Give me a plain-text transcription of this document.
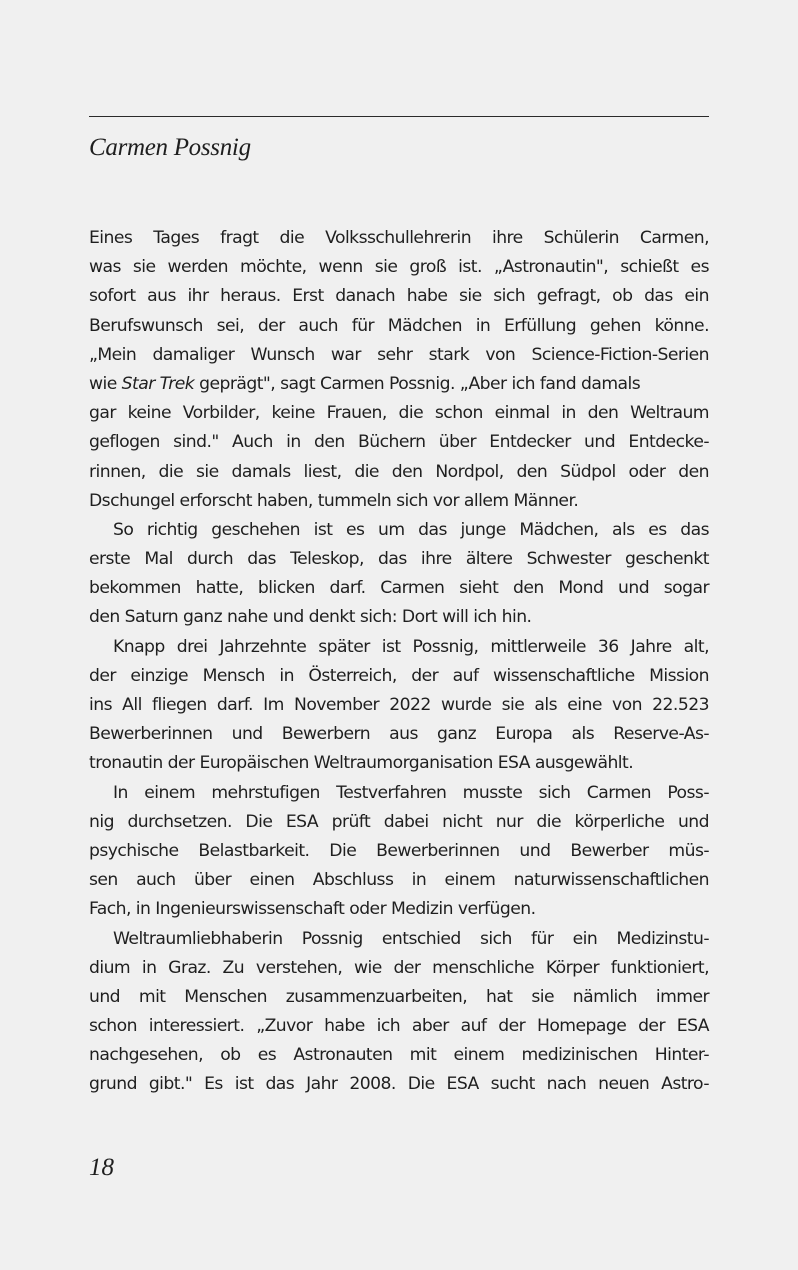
Carmen Possnig
Eines Tages fragt die Volksschullehrerin ihre Schülerin Carmen,
was sie werden möchte, wenn sie groß ist. „Astronautin", schießt es
sofort aus ihr heraus. Erst danach habe sie sich gefragt, ob das ein
Berufswunsch sei, der auch für Mädchen in Erfüllung gehen könne.
„Mein damaliger Wunsch war sehr stark von Science-Fiction-Serien
wie Star Trek geprägt", sagt Carmen Possnig. „Aber ich fand damals
gar keine Vorbilder, keine Frauen, die schon einmal in den Weltraum
geflogen sind." Auch in den Büchern über Entdecker und Entdecke-
rinnen, die sie damals liest, die den Nordpol, den Südpol oder den
Dschungel erforscht haben, tummeln sich vor allem Männer.
So richtig geschehen ist es um das junge Mädchen, als es das
erste Mal durch das Teleskop, das ihre ältere Schwester geschenkt
bekommen hatte, blicken darf. Carmen sieht den Mond und sogar
den Saturn ganz nahe und denkt sich: Dort will ich hin.
Knapp drei Jahrzehnte später ist Possnig, mittlerweile 36 Jahre alt,
der einzige Mensch in Österreich, der auf wissenschaftliche Mission
ins All fliegen darf. Im November 2022 wurde sie als eine von 22.523
Bewerberinnen und Bewerbern aus ganz Europa als Reserve-As-
tronautin der Europäischen Weltraumorganisation ESA ausgewählt.
In einem mehrstufigen Testverfahren musste sich Carmen Poss-
nig durchsetzen. Die ESA prüft dabei nicht nur die körperliche und
psychische Belastbarkeit. Die Bewerberinnen und Bewerber müs-
sen auch über einen Abschluss in einem naturwissenschaftlichen
Fach, in Ingenieurswissenschaft oder Medizin verfügen.
Weltraumliebhaberin Possnig entschied sich für ein Medizinstu-
dium in Graz. Zu verstehen, wie der menschliche Körper funktioniert,
und mit Menschen zusammenzuarbeiten, hat sie nämlich immer
schon interessiert. „Zuvor habe ich aber auf der Homepage der ESA
nachgesehen, ob es Astronauten mit einem medizinischen Hinter-
grund gibt." Es ist das Jahr 2008. Die ESA sucht nach neuen Astro-
18
